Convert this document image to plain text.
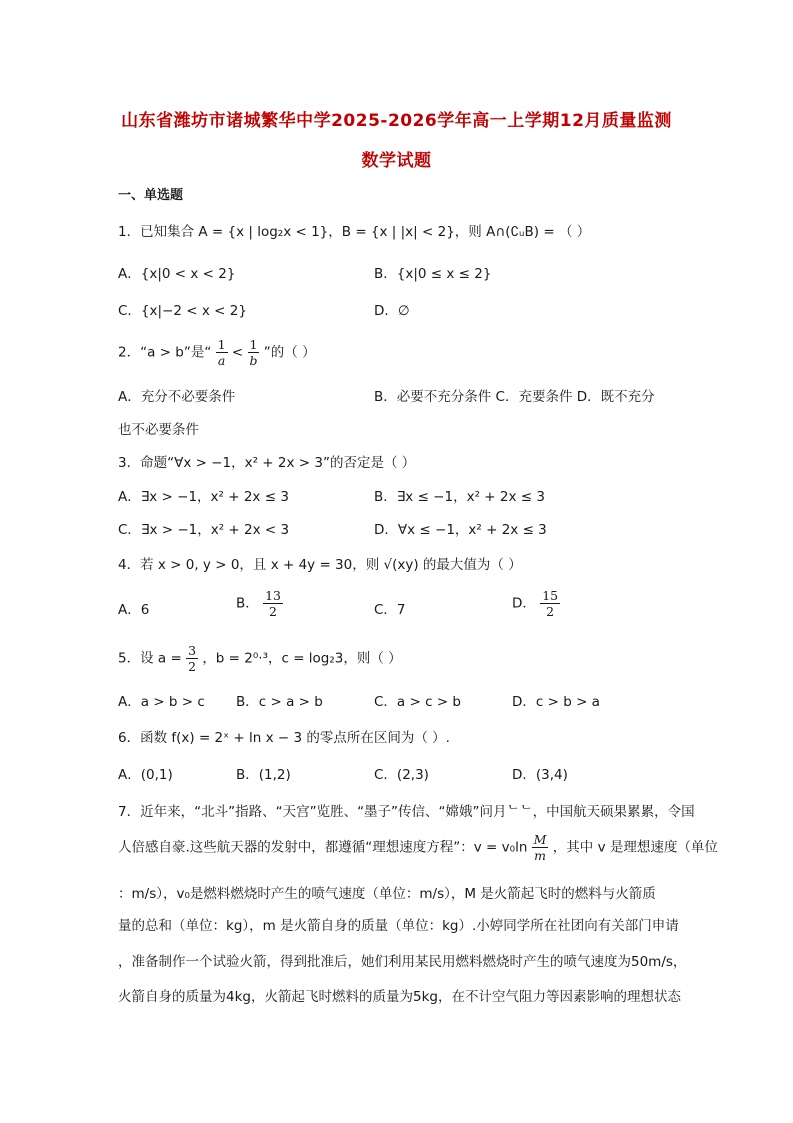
山东省潍坊市诸城繁华中学2025-2026学年高一上学期12月质量监测
数学试题
一、单选题
1．已知集合 A = {x | log₂x < 1}，B = {x | |x| < 2}，则 A∩(∁ᵤB) = （ ）
A．{x|0 < x < 2}	B．{x|0 ≤ x ≤ 2}
C．{x|−2 < x < 2}	D．∅
2．“a > b”是“ $\frac{1}{a} < \frac{1}{b}$ ”的（ ）
A．充分不必要条件	B．必要不充分条件 C．充要条件 D．既不充分
也不必要条件
3．命题“∀x > −1，x² + 2x > 3”的否定是（ ）
A．∃x > −1，x² + 2x ≤ 3	B．∃x ≤ −1，x² + 2x ≤ 3
C．∃x > −1，x² + 2x < 3	D．∀x ≤ −1，x² + 2x ≤ 3
4．若 x > 0, y > 0，且 x + 4y = 30，则 √(xy) 的最大值为（ ）
A．6	B． $\frac{13}{2}$	C．7	D． $\frac{15}{2}$
5．设 $a = \frac{3}{2}$ ，b = 2⁰·³，c = log₂3，则（ ）
A．a > b > c B．c > a > b	C．a > c > b	D．c > b > a
6．函数 f(x) = 2ˣ + ln x − 3 的零点所在区间为（ ）.
A．(0,1)	B．(1,2)	C．(2,3)	D．(3,4)
7．近年来，“北斗”指路、“天宫”览胜、“墨子”传信、“嫦娥”问月ᄂᄂ，中国航天硕果累累，令国
人倍感自豪.这些航天器的发射中，都遵循“理想速度方程”：$v = v_0\ln \frac{M}{m}$ ，其中 v 是理想速度（单位
：m/s），v₀是燃料燃烧时产生的喷气速度（单位：m/s），M 是火箭起飞时的燃料与火箭质
量的总和（单位：kg），m 是火箭自身的质量（单位：kg）.小婷同学所在社团向有关部门申请
，准备制作一个试验火箭，得到批准后，她们利用某民用燃料燃烧时产生的喷气速度为50m/s，
火箭自身的质量为4kg，火箭起飞时燃料的质量为5kg，在不计空气阻力等因素影响的理想状态
